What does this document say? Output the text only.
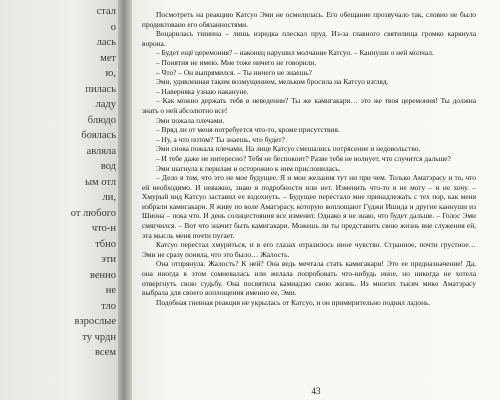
стал
о
лась
мет
ю,
пилась
ладу
блюдо
боялась
авляла
вод
ым отл
ли,
от любого
что-н
тбно
эти
венно
не
тло
взрослые
ту чрдн
всем

Посмотреть на реакцию Катсуо Эми не осмелилась. Его обещание прозвучало так, словно не было продиктовано его обязанностями.

Воцарилась тишина – лишь изредка плескал пруд. Из-за главного святилища громко каркнула ворона.

– Будет ещё церемония? – наконец нарушил молчание Катсуо. – Каннуши о ней молчал.

– Понятия не имею. Мне тоже ничего не говорили.

– Что? – Он выпрямился. – Ты ничего не знаешь?

Эми, удивленная таким возмущением, мельком бросила на Катсуо взгляд.

– Наверняка узнаю накануне.

– Как можно держать тебя в неведении? Ты же камигакари… это же твоя церемония! Ты должна знать о ней абсолютно все!

Эми пожала плечами.

– Вряд ли от меня потребуется что-то, кроме присутствия.

– Ну, а что потом? Ты знаешь, что будет?

Эми снова пожала плечами. На лице Катсуо смешались потрясение и недовольство.

– И тебе даже не интересно? Тебя не беспокоит? Разве тебя не волнует, что случится дальше?

Эми шагнула к перилам и осторожно к ним прислонилась.

– Дело в том, что это не мое будущее. Я и мои желания тут ни при чем. Только Аматэрасу и то, что ей необходимо. И неважно, знаю я подробности или нет. Изменить что-то я не могу – и не хочу. – Хмурый вид Катсуо заставил ее вздохнуть. – Будущее перестало мне принадлежать с тех пор, как меня избрали камигакари. Я живу по воле Аматэрасу, которую воплощают Гуджи Ишида и другие каннуши из Шиона – пока что. И день солнцестояния все изменит. Однако я не знаю, что будет дальше. – Голос Эми смягчился. – Вот что значит быть камигакари. Можешь ли ты представить свою жизнь вне служения ей, эта мысль меня почти пугает.

Катсуо перестал хмуриться, и в его глазах отразилось иное чувство. Странное, почти грустное… Эми не сразу поняла, что это было… Жалость.

Она отпрянула. Жалость? К ней? Она ведь мечтала стать камигакари! Это ее предназначение! Да, она иногда в этом сомневалась или желала попробовать что-нибудь иное, но никогда не хотела отвергнуть свою судьбу. Она посвятила камиадзю свою жизнь. Из многих тысяч мико Аматэрасу выбрала для своего воплощения именно ее, Эми.

Подобная гневная реакция не укрылась от Катсуо, и он примирительно поднял ладонь.

43
